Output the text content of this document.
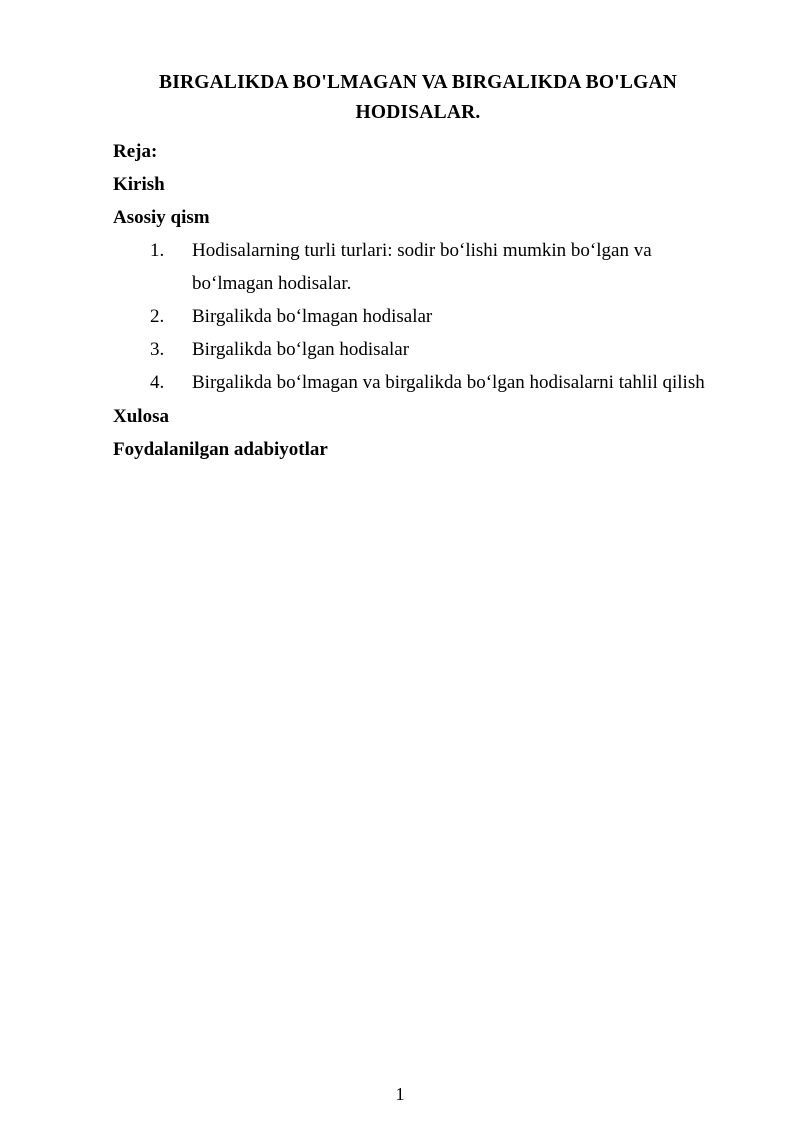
BIRGALIKDA BO'LMAGAN VA BIRGALIKDA BO'LGAN HODISALAR.

Reja:

Kirish

Asosiy qism

1. Hodisalarning turli turlari: sodir boʻlishi mumkin boʻlgan va boʻlmagan hodisalar.
2. Birgalikda boʻlmagan hodisalar
3. Birgalikda boʻlgan hodisalar
4. Birgalikda boʻlmagan va birgalikda boʻlgan hodisalarni tahlil qilish

Xulosa

Foydalanilgan adabiyotlar

1
